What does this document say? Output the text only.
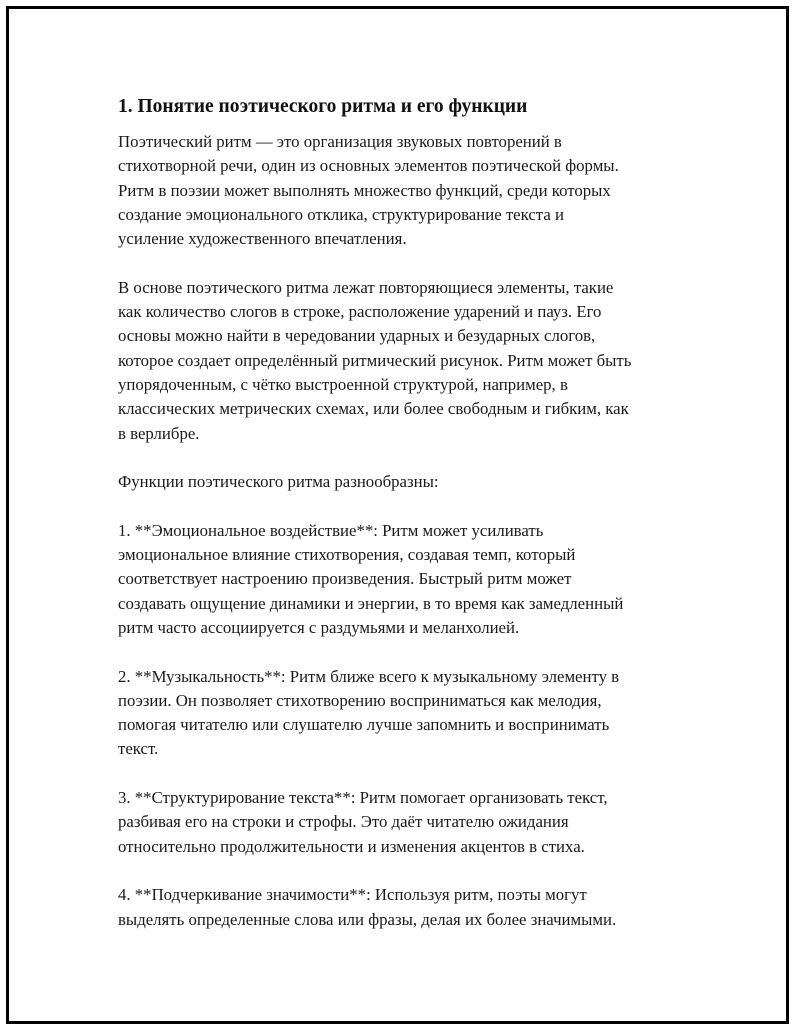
1. Понятие поэтического ритма и его функции

Поэтический ритм — это организация звуковых повторений в
стихотворной речи, один из основных элементов поэтической формы.
Ритм в поэзии может выполнять множество функций, среди которых
создание эмоционального отклика, структурирование текста и
усиление художественного впечатления.

В основе поэтического ритма лежат повторяющиеся элементы, такие
как количество слогов в строке, расположение ударений и пауз. Его
основы можно найти в чередовании ударных и безударных слогов,
которое создает определённый ритмический рисунок. Ритм может быть
упорядоченным, с чётко выстроенной структурой, например, в
классических метрических схемах, или более свободным и гибким, как
в верлибре.

Функции поэтического ритма разнообразны:

1. **Эмоциональное воздействие**: Ритм может усиливать
эмоциональное влияние стихотворения, создавая темп, который
соответствует настроению произведения. Быстрый ритм может
создавать ощущение динамики и энергии, в то время как замедленный
ритм часто ассоциируется с раздумьями и меланхолией.

2. **Музыкальность**: Ритм ближе всего к музыкальному элементу в
поэзии. Он позволяет стихотворению восприниматься как мелодия,
помогая читателю или слушателю лучше запомнить и воспринимать
текст.

3. **Структурирование текста**: Ритм помогает организовать текст,
разбивая его на строки и строфы. Это даёт читателю ожидания
относительно продолжительности и изменения акцентов в стиха.

4. **Подчеркивание значимости**: Используя ритм, поэты могут
выделять определенные слова или фразы, делая их более значимыми.
